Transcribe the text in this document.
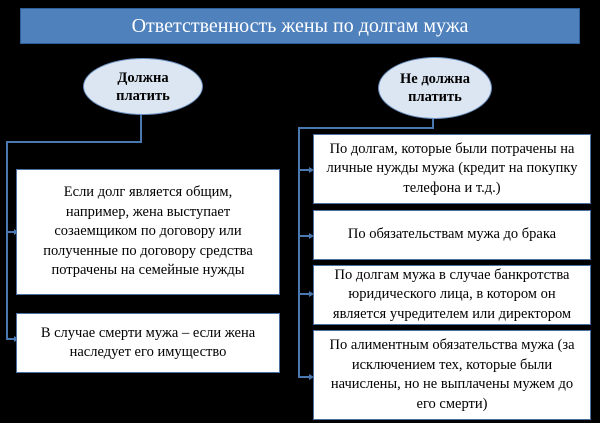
Ответственность жены по долгам мужа
Должна платить
Не должна платить
Если долг является общим, например, жена выступает созаемщиком по договору или полученные по договору средства потрачены на семейные нужды
В случае смерти мужа – если жена наследует его имущество
По долгам, которые были потрачены на личные нужды мужа (кредит на покупку телефона и т.д.)
По обязательствам мужа до брака
По долгам мужа в случае банкротства юридического лица, в котором он является учредителем или директором
По алиментным обязательства мужа (за исключением тех, которые были начислены, но не выплачены мужем до его смерти)
